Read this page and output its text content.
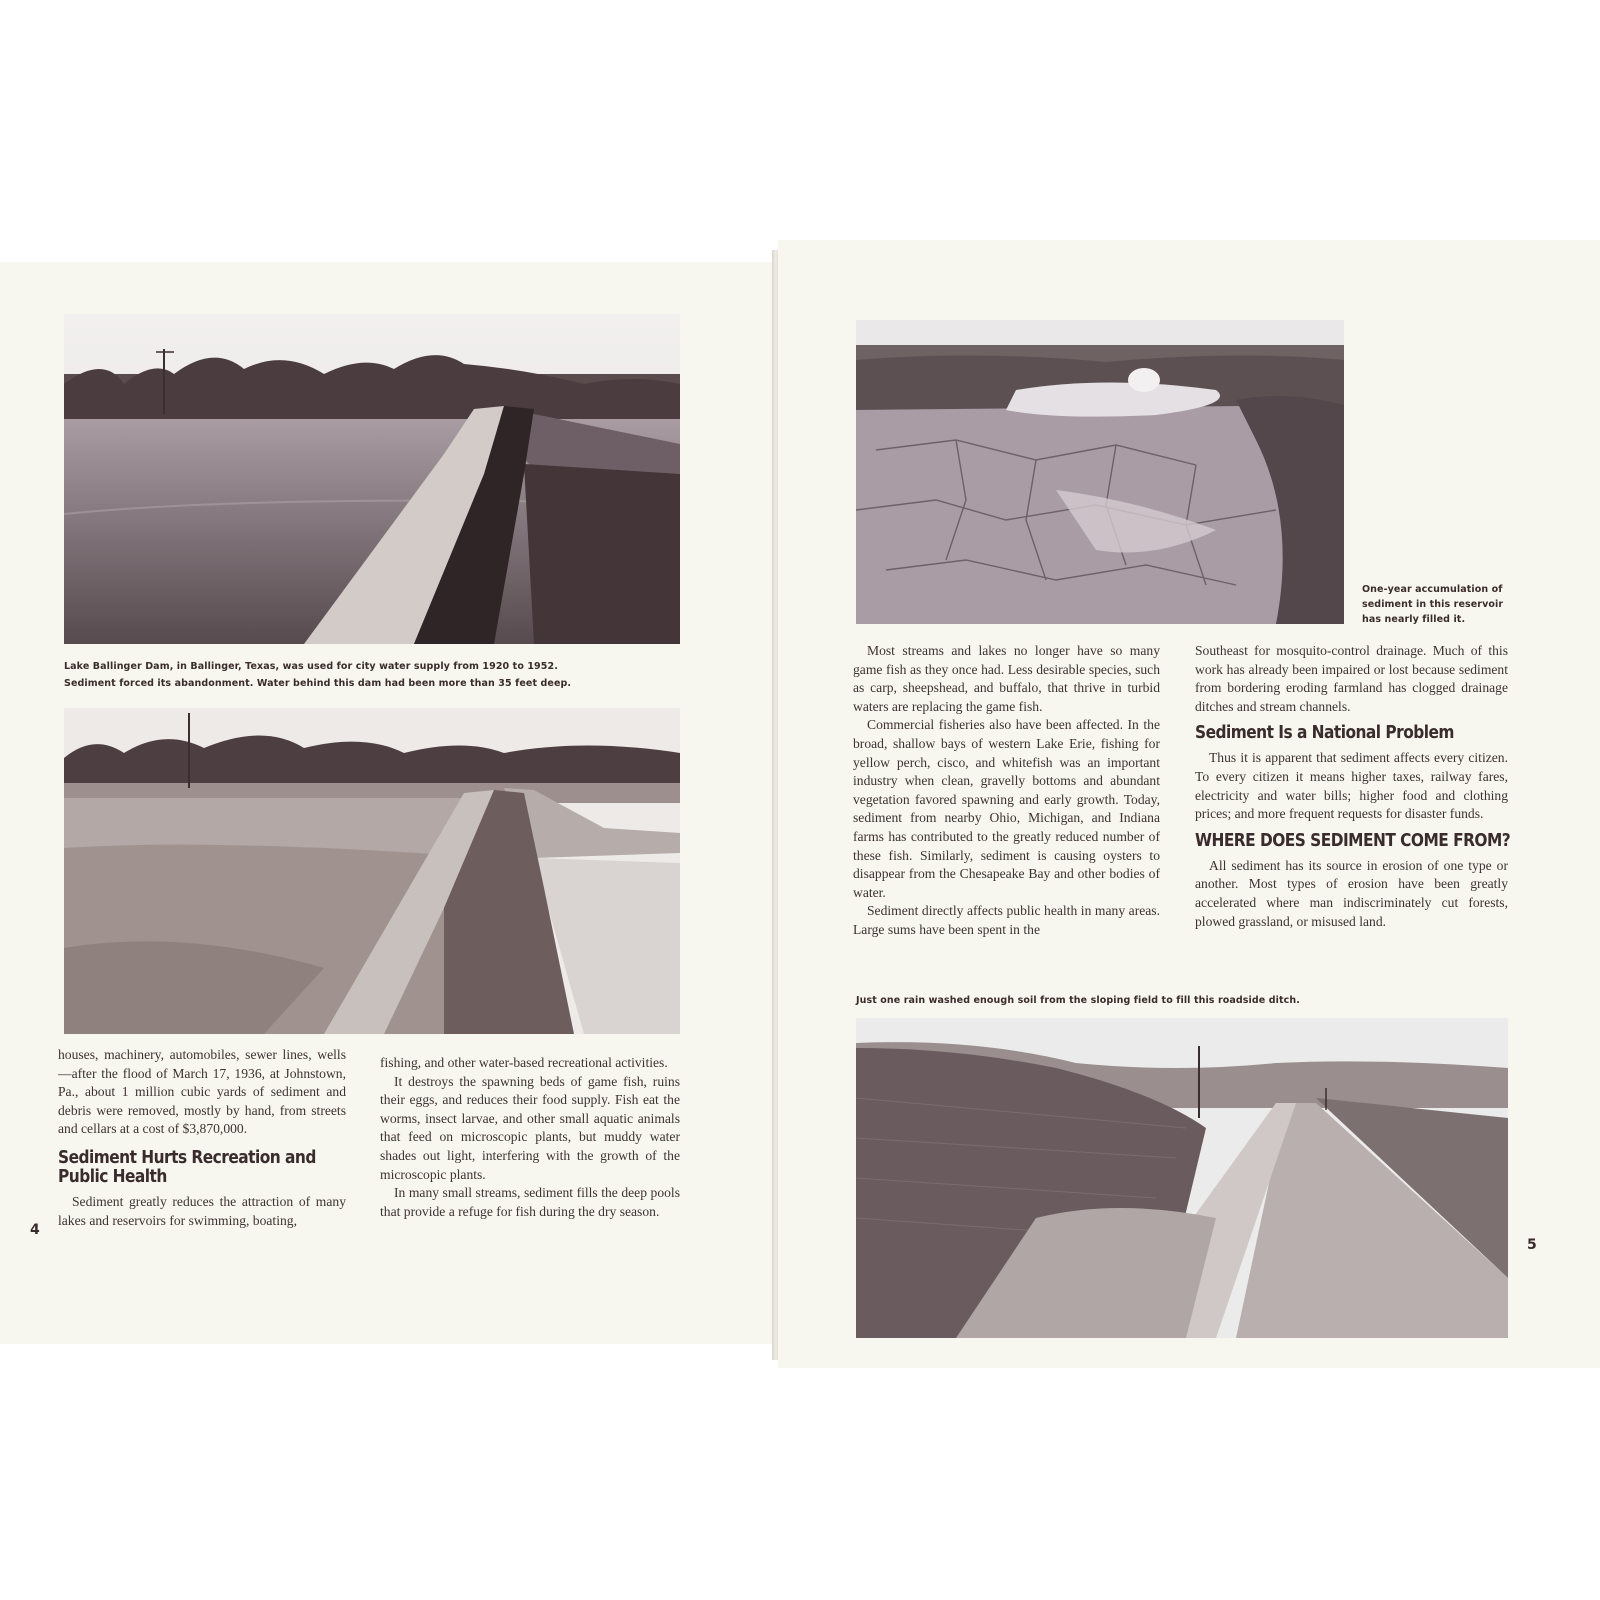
Lake Ballinger Dam, in Ballinger, Texas, was used for city water supply from 1920 to 1952.
Sediment forced its abandonment. Water behind this dam had been more than 35 feet deep.

houses, machinery, automobiles, sewer lines, wells—after the flood of March 17, 1936, at Johnstown, Pa., about 1 million cubic yards of sediment and debris were removed, mostly by hand, from streets and cellars at a cost of $3,870,000.

Sediment Hurts Recreation and
Public Health

Sediment greatly reduces the attraction of many lakes and reservoirs for swimming, boating,

fishing, and other water-based recreational activities.

It destroys the spawning beds of game fish, ruins their eggs, and reduces their food supply. Fish eat the worms, insect larvae, and other small aquatic animals that feed on microscopic plants, but muddy water shades out light, interfering with the growth of the microscopic plants.

In many small streams, sediment fills the deep pools that provide a refuge for fish during the dry season.

4
One-year accumulation of
sediment in this reservoir
has nearly filled it.

Most streams and lakes no longer have so many game fish as they once had. Less desirable species, such as carp, sheepshead, and buffalo, that thrive in turbid waters are replacing the game fish.

Commercial fisheries also have been affected. In the broad, shallow bays of western Lake Erie, fishing for yellow perch, cisco, and whitefish was an important industry when clean, gravelly bottoms and abundant vegetation favored spawning and early growth. Today, sediment from nearby Ohio, Michigan, and Indiana farms has contributed to the greatly reduced number of these fish. Similarly, sediment is causing oysters to disappear from the Chesapeake Bay and other bodies of water.

Sediment directly affects public health in many areas. Large sums have been spent in the

Southeast for mosquito-control drainage. Much of this work has already been impaired or lost because sediment from bordering eroding farmland has clogged drainage ditches and stream channels.

Sediment Is a National Problem

Thus it is apparent that sediment affects every citizen. To every citizen it means higher taxes, railway fares, electricity and water bills; higher food and clothing prices; and more frequent requests for disaster funds.

WHERE DOES SEDIMENT COME FROM?

All sediment has its source in erosion of one type or another. Most types of erosion have been greatly accelerated where man indiscriminately cut forests, plowed grassland, or misused land.

Just one rain washed enough soil from the sloping field to fill this roadside ditch.
5
